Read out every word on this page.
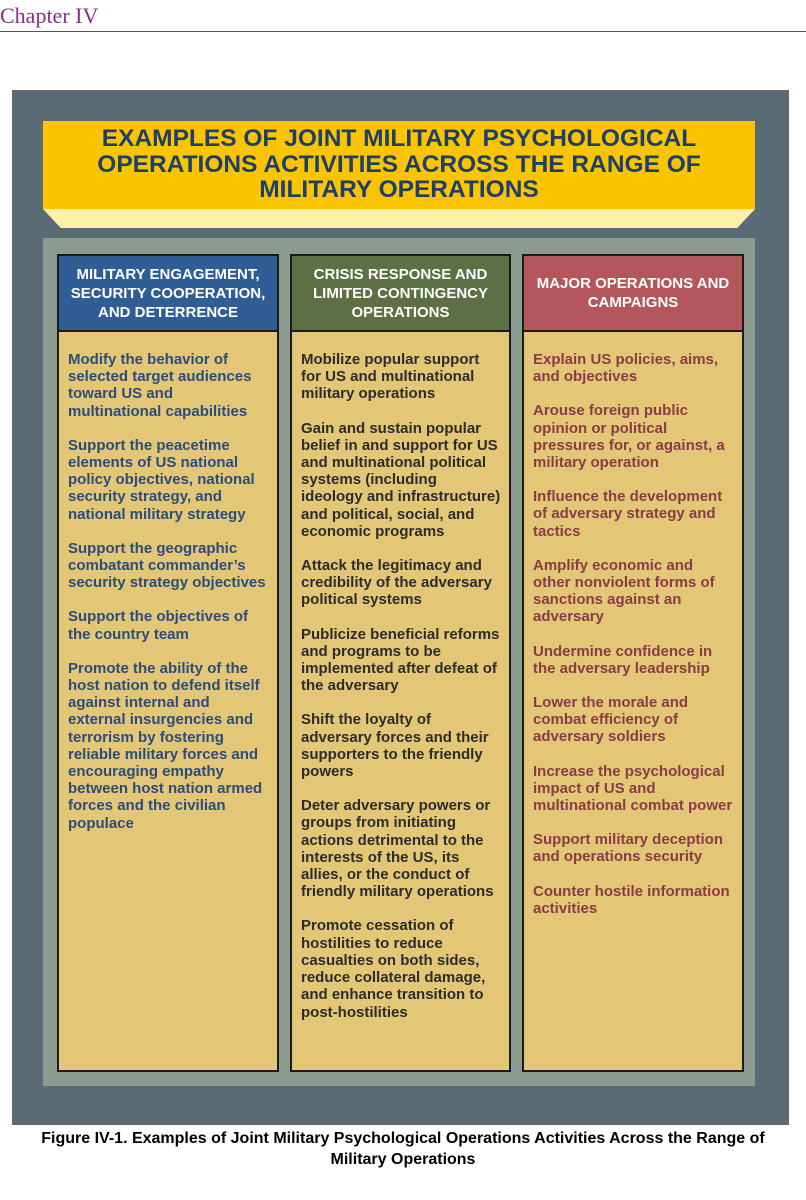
Chapter IV
EXAMPLES OF JOINT MILITARY PSYCHOLOGICAL OPERATIONS ACTIVITIES ACROSS THE RANGE OF MILITARY OPERATIONS
MILITARY ENGAGEMENT, SECURITY COOPERATION, AND DETERRENCE
CRISIS RESPONSE AND LIMITED CONTINGENCY OPERATIONS
MAJOR OPERATIONS AND CAMPAIGNS
Modify the behavior of selected target audiences toward US and multinational capabilities
Support the peacetime elements of US national policy objectives, national security strategy, and national military strategy
Support the geographic combatant commander’s security strategy objectives
Support the objectives of the country team
Promote the ability of the host nation to defend itself against internal and external insurgencies and terrorism by fostering reliable military forces and encouraging empathy between host nation armed forces and the civilian populace
Mobilize popular support for US and multinational military operations
Gain and sustain popular belief in and support for US and multinational political systems (including ideology and infrastructure) and political, social, and economic programs
Attack the legitimacy and credibility of the adversary political systems
Publicize beneficial reforms and programs to be implemented after defeat of the adversary
Shift the loyalty of adversary forces and their supporters to the friendly powers
Deter adversary powers or groups from initiating actions detrimental to the interests of the US, its allies, or the conduct of friendly military operations
Promote cessation of hostilities to reduce casualties on both sides, reduce collateral damage, and enhance transition to post-hostilities
Explain US policies, aims, and objectives
Arouse foreign public opinion or political pressures for, or against, a military operation
Influence the development of adversary strategy and tactics
Amplify economic and other nonviolent forms of sanctions against an adversary
Undermine confidence in the adversary leadership
Lower the morale and combat efficiency of adversary soldiers
Increase the psychological impact of US and multinational combat power
Support military deception and operations security
Counter hostile information activities

Figure IV-1. Examples of Joint Military Psychological Operations Activities Across the Range of Military Operations
